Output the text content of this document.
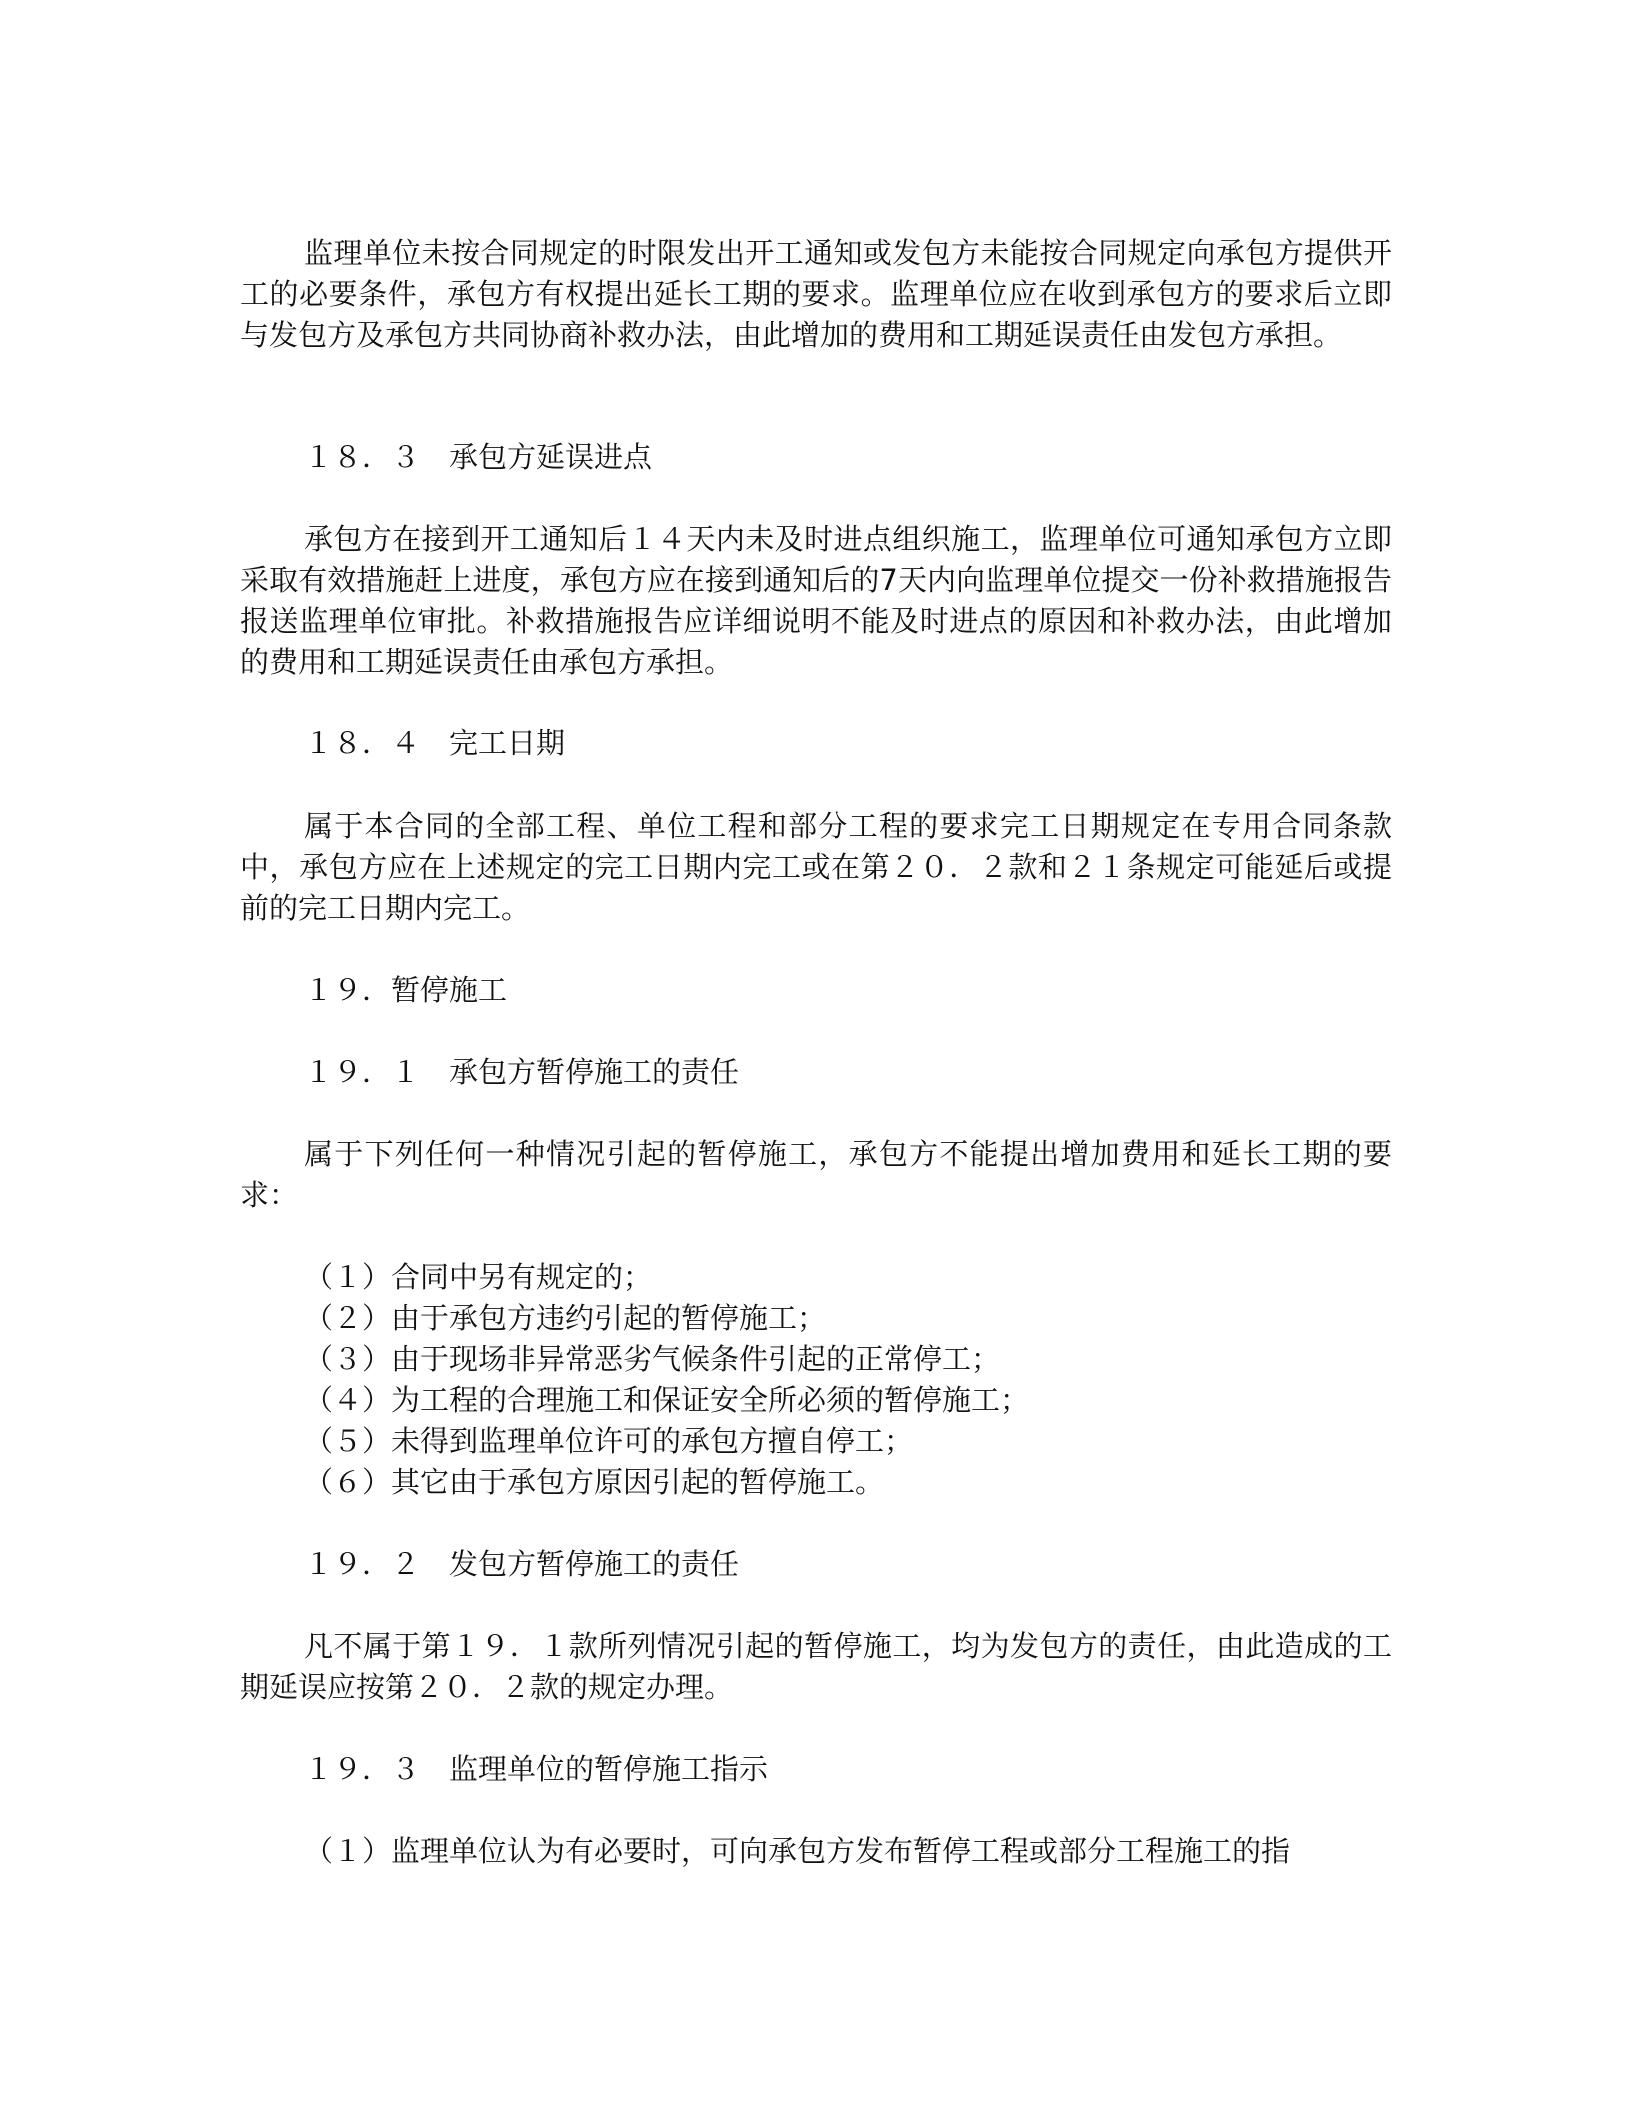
监理单位未按合同规定的时限发出开工通知或发包方未能按合同规定向承包方提供开工的必要条件，承包方有权提出延长工期的要求。监理单位应在收到承包方的要求后立即与发包方及承包方共同协商补救办法，由此增加的费用和工期延误责任由发包方承担。

１８．３　承包方延误进点

承包方在接到开工通知后１４天内未及时进点组织施工，监理单位可通知承包方立即采取有效措施赶上进度，承包方应在接到通知后的7天内向监理单位提交一份补救措施报告报送监理单位审批。补救措施报告应详细说明不能及时进点的原因和补救办法，由此增加的费用和工期延误责任由承包方承担。

１８．４　完工日期

属于本合同的全部工程、单位工程和部分工程的要求完工日期规定在专用合同条款中，承包方应在上述规定的完工日期内完工或在第２０．２款和２１条规定可能延后或提前的完工日期内完工。

１９．暂停施工

１９．１　承包方暂停施工的责任

属于下列任何一种情况引起的暂停施工，承包方不能提出增加费用和延长工期的要求：

（１）合同中另有规定的；
（２）由于承包方违约引起的暂停施工；
（３）由于现场非异常恶劣气候条件引起的正常停工；
（４）为工程的合理施工和保证安全所必须的暂停施工；
（５）未得到监理单位许可的承包方擅自停工；
（６）其它由于承包方原因引起的暂停施工。

１９．２　发包方暂停施工的责任

凡不属于第１９．１款所列情况引起的暂停施工，均为发包方的责任，由此造成的工期延误应按第２０．２款的规定办理。

１９．３　监理单位的暂停施工指示

（１）监理单位认为有必要时，可向承包方发布暂停工程或部分工程施工的指
